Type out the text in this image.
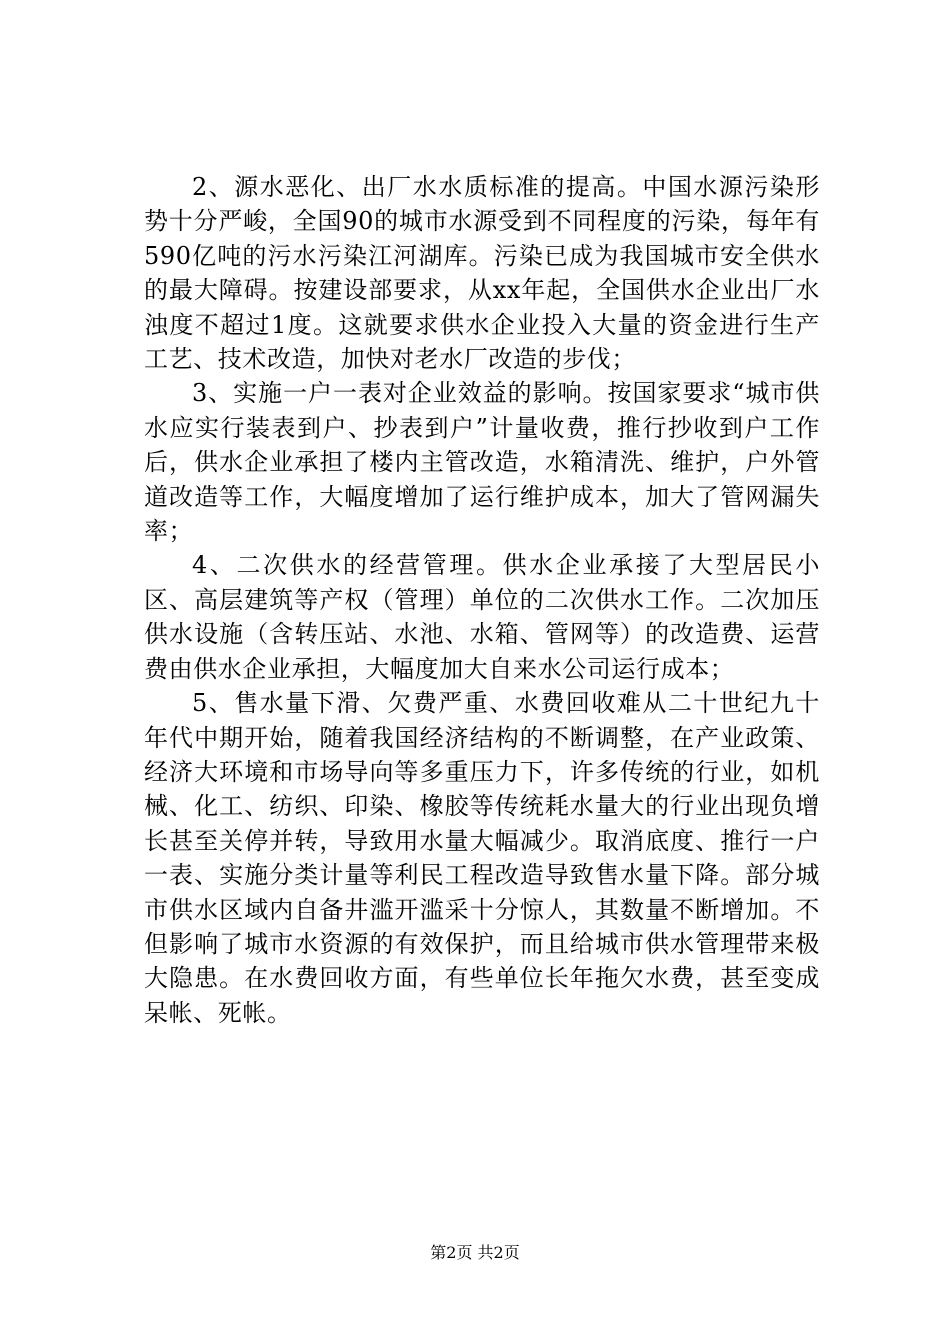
2、源水恶化、出厂水水质标准的提高。中国水源污染形势十分严峻，全国90的城市水源受到不同程度的污染，每年有590亿吨的污水污染江河湖库。污染已成为我国城市安全供水的最大障碍。按建设部要求，从xx年起，全国供水企业出厂水浊度不超过1度。这就要求供水企业投入大量的资金进行生产工艺、技术改造，加快对老水厂改造的步伐；

3、实施一户一表对企业效益的影响。按国家要求“城市供水应实行装表到户、抄表到户”计量收费，推行抄收到户工作后，供水企业承担了楼内主管改造，水箱清洗、维护，户外管道改造等工作，大幅度增加了运行维护成本，加大了管网漏失率；

4、二次供水的经营管理。供水企业承接了大型居民小区、高层建筑等产权（管理）单位的二次供水工作。二次加压供水设施（含转压站、水池、水箱、管网等）的改造费、运营费由供水企业承担，大幅度加大自来水公司运行成本；

5、售水量下滑、欠费严重、水费回收难从二十世纪九十年代中期开始，随着我国经济结构的不断调整，在产业政策、经济大环境和市场导向等多重压力下，许多传统的行业，如机械、化工、纺织、印染、橡胶等传统耗水量大的行业出现负增长甚至关停并转，导致用水量大幅减少。取消底度、推行一户一表、实施分类计量等利民工程改造导致售水量下降。部分城市供水区域内自备井滥开滥采十分惊人，其数量不断增加。不但影响了城市水资源的有效保护，而且给城市供水管理带来极大隐患。在水费回收方面，有些单位长年拖欠水费，甚至变成呆帐、死帐。

第2页 共2页
